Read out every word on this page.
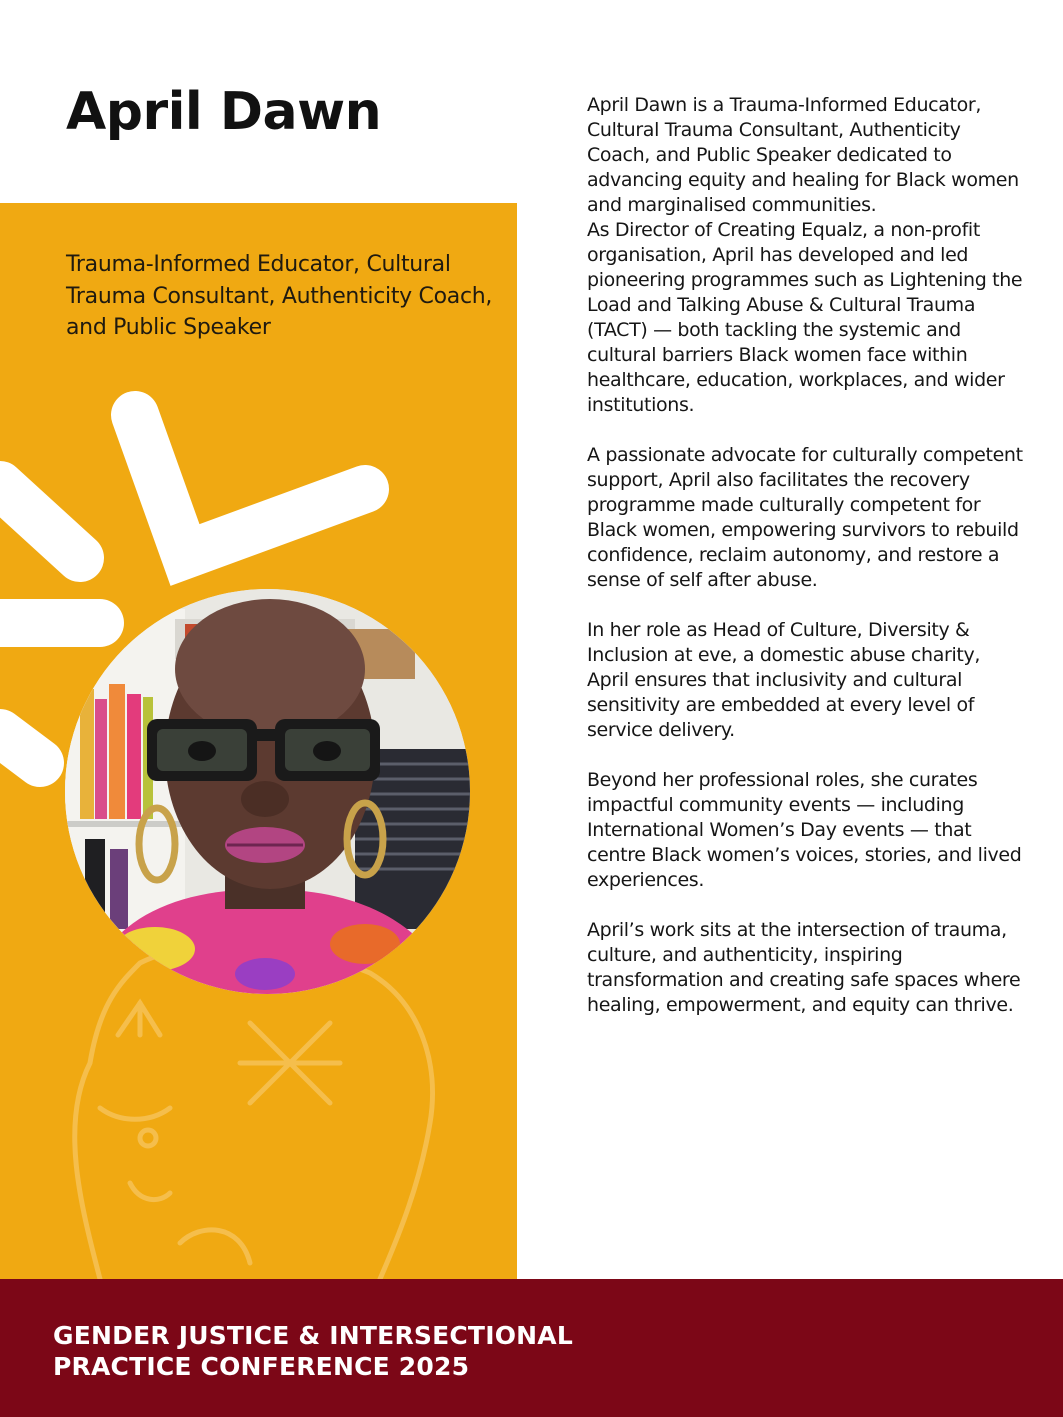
April Dawn

Trauma-Informed Educator, Cultural Trauma Consultant, Authenticity Coach, and Public Speaker

April Dawn is a Trauma-Informed Educator, Cultural Trauma Consultant, Authenticity Coach, and Public Speaker dedicated to advancing equity and healing for Black women and marginalised communities.
As Director of Creating Equalz, a non-profit organisation, April has developed and led pioneering programmes such as Lightening the Load and Talking Abuse & Cultural Trauma (TACT) — both tackling the systemic and cultural barriers Black women face within healthcare, education, workplaces, and wider institutions.

A passionate advocate for culturally competent support, April also facilitates the recovery programme made culturally competent for Black women, empowering survivors to rebuild confidence, reclaim autonomy, and restore a sense of self after abuse.

In her role as Head of Culture, Diversity & Inclusion at eve, a domestic abuse charity, April ensures that inclusivity and cultural sensitivity are embedded at every level of service delivery.

Beyond her professional roles, she curates impactful community events — including International Women’s Day events — that centre Black women’s voices, stories, and lived experiences.

April’s work sits at the intersection of trauma, culture, and authenticity, inspiring transformation and creating safe spaces where healing, empowerment, and equity can thrive.

GENDER JUSTICE & INTERSECTIONAL
PRACTICE CONFERENCE 2025
